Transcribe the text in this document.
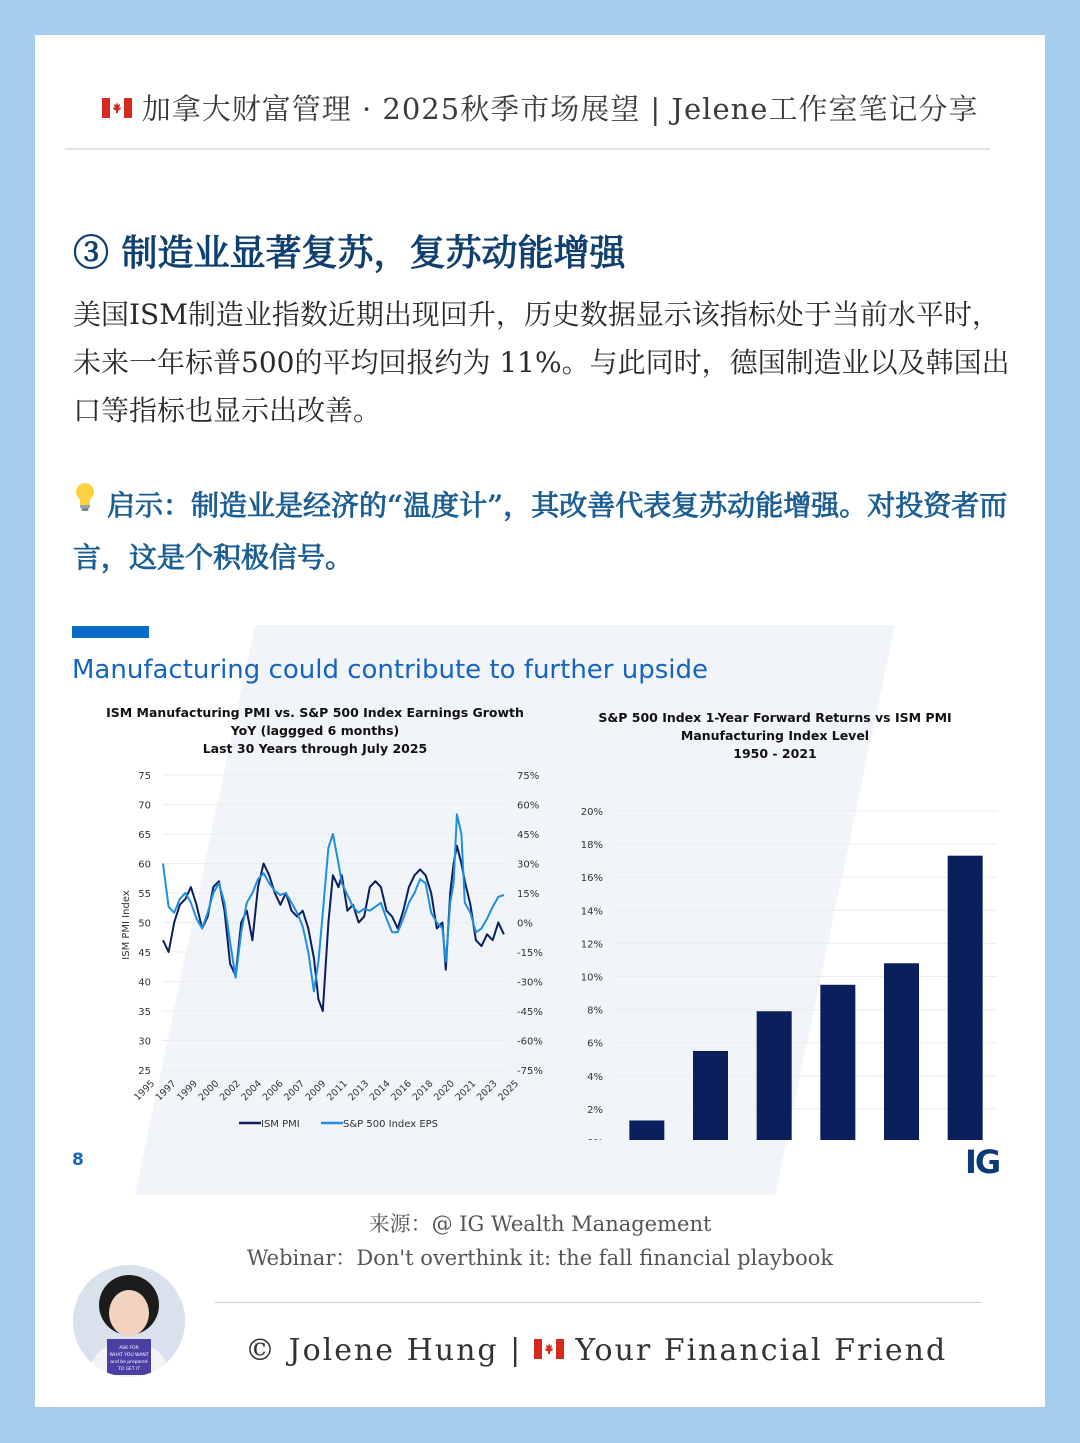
加拿大财富管理 · 2025秋季市场展望 | Jelene工作室笔记分享
③ 制造业显著复苏，复苏动能增强
美国ISM制造业指数近期出现回升，历史数据显示该指标处于当前水平时，未来一年标普500的平均回报约为 11%。与此同时，德国制造业以及韩国出口等指标也显示出改善。
启示：制造业是经济的“温度计”，其改善代表复苏动能增强。对投资者而言，这是个积极信号。
Manufacturing could contribute to further upside
ISM Manufacturing PMI vs. S&P 500 Index Earnings Growth
YoY (laggged 6 months)
Last 30 Years through July 2025
ISM PMI Index
75
70
65
60
55
50
45
40
35
30
25
75%
60%
45%
30%
15%
0%
-15%
-30%
-45%
-60%
-75%
1995
1997
1999
2000
2002
2004
2006
2007
2009
2011
2013
2014
2016
2018
2020
2021
2023
2025
ISM PMI	S&P 500 Index EPS
S&P 500 Index 1-Year Forward Returns vs ISM PMI
Manufacturing Index Level
1950 - 2021
20%
18%
16%
14%
12%
10%
8%
6%
4%
2%
8	IG
来源：@ IG Wealth Management
Webinar：Don't overthink it: the fall financial playbook
ASK FOR
WHAT YOU WANT
and be prepared
TO GET IT
© Jolene Hung |  Your Financial Friend
